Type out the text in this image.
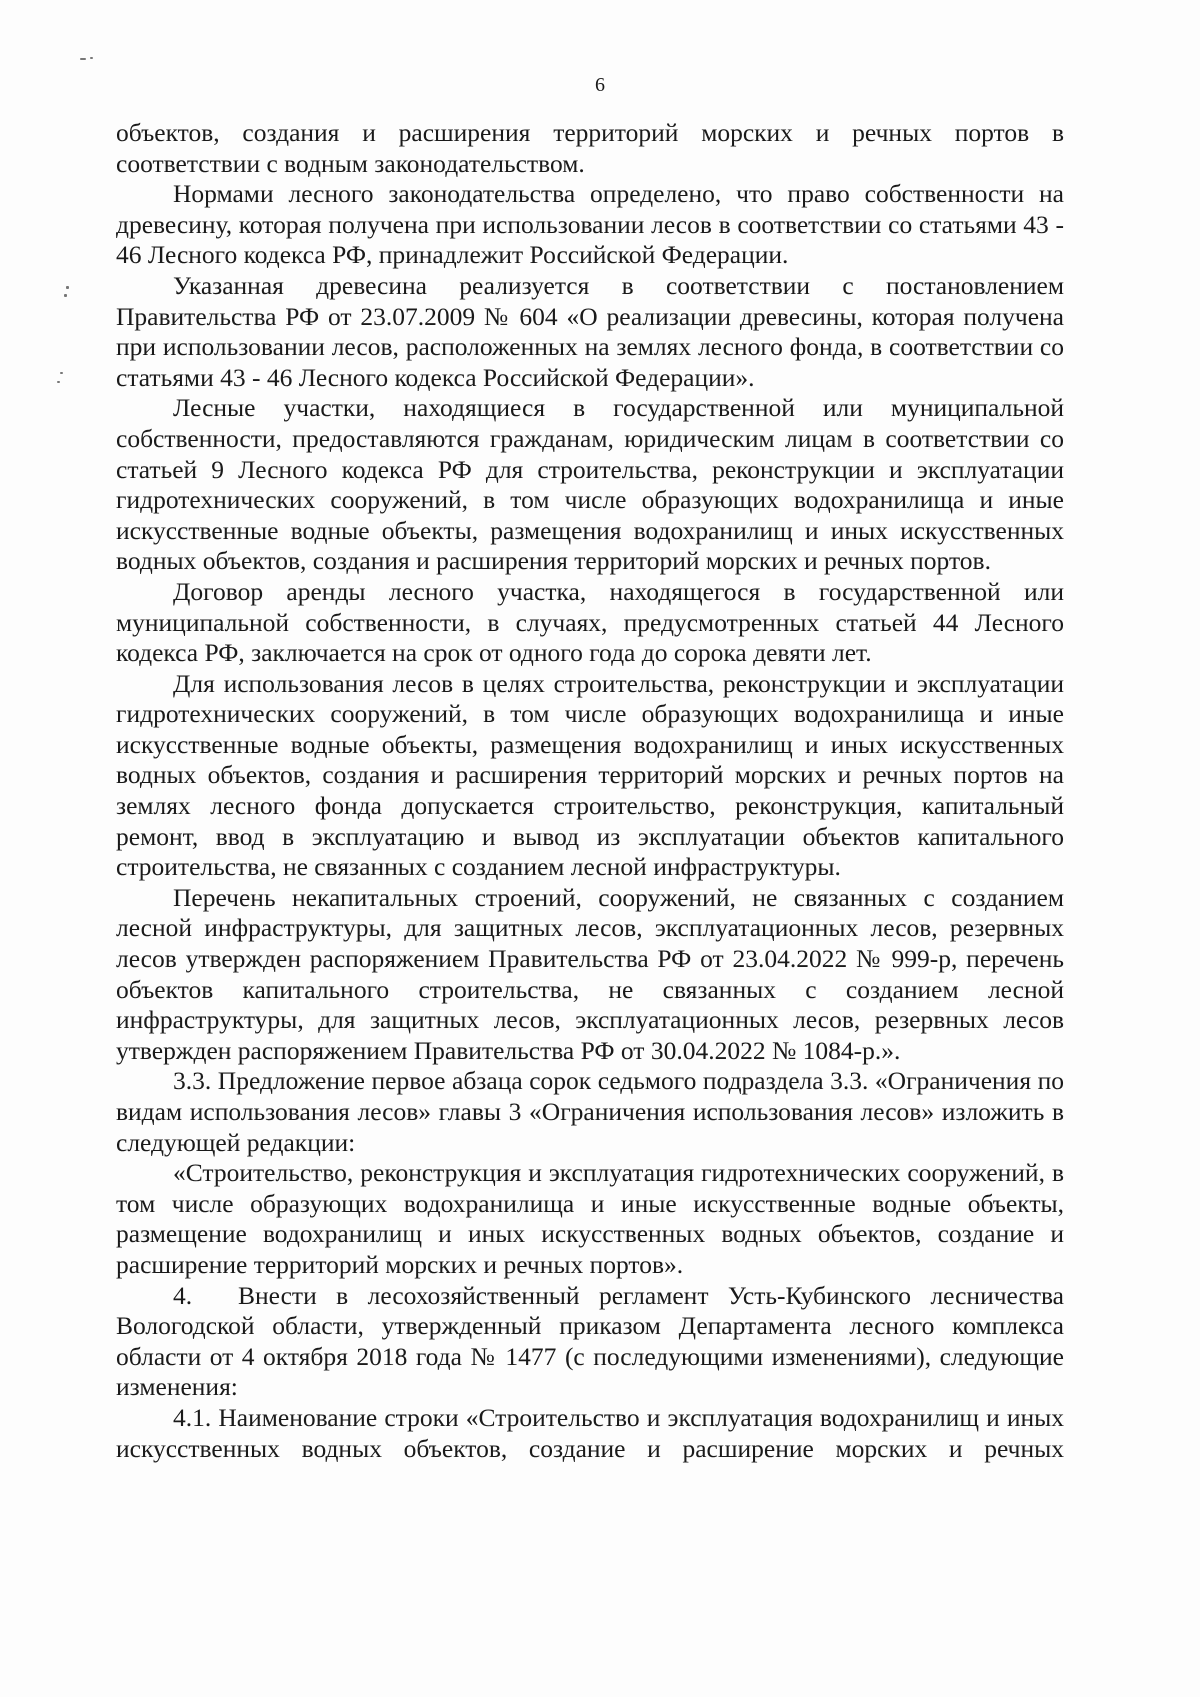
6

объектов, создания и расширения территорий морских и речных портов в соответствии с водным законодательством.

Нормами лесного законодательства определено, что право собственности на древесину, которая получена при использовании лесов в соответствии со статьями 43 - 46 Лесного кодекса РФ, принадлежит Российской Федерации.

Указанная древесина реализуется в соответствии с постановлением Правительства РФ от 23.07.2009 № 604 «О реализации древесины, которая получена при использовании лесов, расположенных на землях лесного фонда, в соответствии со статьями 43 - 46 Лесного кодекса Российской Федерации».

Лесные участки, находящиеся в государственной или муниципальной собственности, предоставляются гражданам, юридическим лицам в соответствии со статьей 9 Лесного кодекса РФ для строительства, реконструкции и эксплуатации гидротехнических сооружений, в том числе образующих водохранилища и иные искусственные водные объекты, размещения водохранилищ и иных искусственных водных объектов, создания и расширения территорий морских и речных портов.

Договор аренды лесного участка, находящегося в государственной или муниципальной собственности, в случаях, предусмотренных статьей 44 Лесного кодекса РФ, заключается на срок от одного года до сорока девяти лет.

Для использования лесов в целях строительства, реконструкции и эксплуатации гидротехнических сооружений, в том числе образующих водохранилища и иные искусственные водные объекты, размещения водохранилищ и иных искусственных водных объектов, создания и расширения территорий морских и речных портов на землях лесного фонда допускается строительство, реконструкция, капитальный ремонт, ввод в эксплуатацию и вывод из эксплуатации объектов капитального строительства, не связанных с созданием лесной инфраструктуры.

Перечень некапитальных строений, сооружений, не связанных с созданием лесной инфраструктуры, для защитных лесов, эксплуатационных лесов, резервных лесов утвержден распоряжением Правительства РФ от 23.04.2022 № 999-р, перечень объектов капитального строительства, не связанных с созданием лесной инфраструктуры, для защитных лесов, эксплуатационных лесов, резервных лесов утвержден распоряжением Правительства РФ от 30.04.2022 № 1084-р.».

3.3. Предложение первое абзаца сорок седьмого подраздела 3.3. «Ограничения по видам использования лесов» главы 3 «Ограничения использования лесов» изложить в следующей редакции:

«Строительство, реконструкция и эксплуатация гидротехнических сооружений, в том числе образующих водохранилища и иные искусственные водные объекты, размещение водохранилищ и иных искусственных водных объектов, создание и расширение территорий морских и речных портов».

4. Внести в лесохозяйственный регламент Усть-Кубинского лесничества Вологодской области, утвержденный приказом Департамента лесного комплекса области от 4 октября 2018 года № 1477 (с последующими изменениями), следующие изменения:

4.1. Наименование строки «Строительство и эксплуатация водохранилищ и иных искусственных водных объектов, создание и расширение морских и речных
